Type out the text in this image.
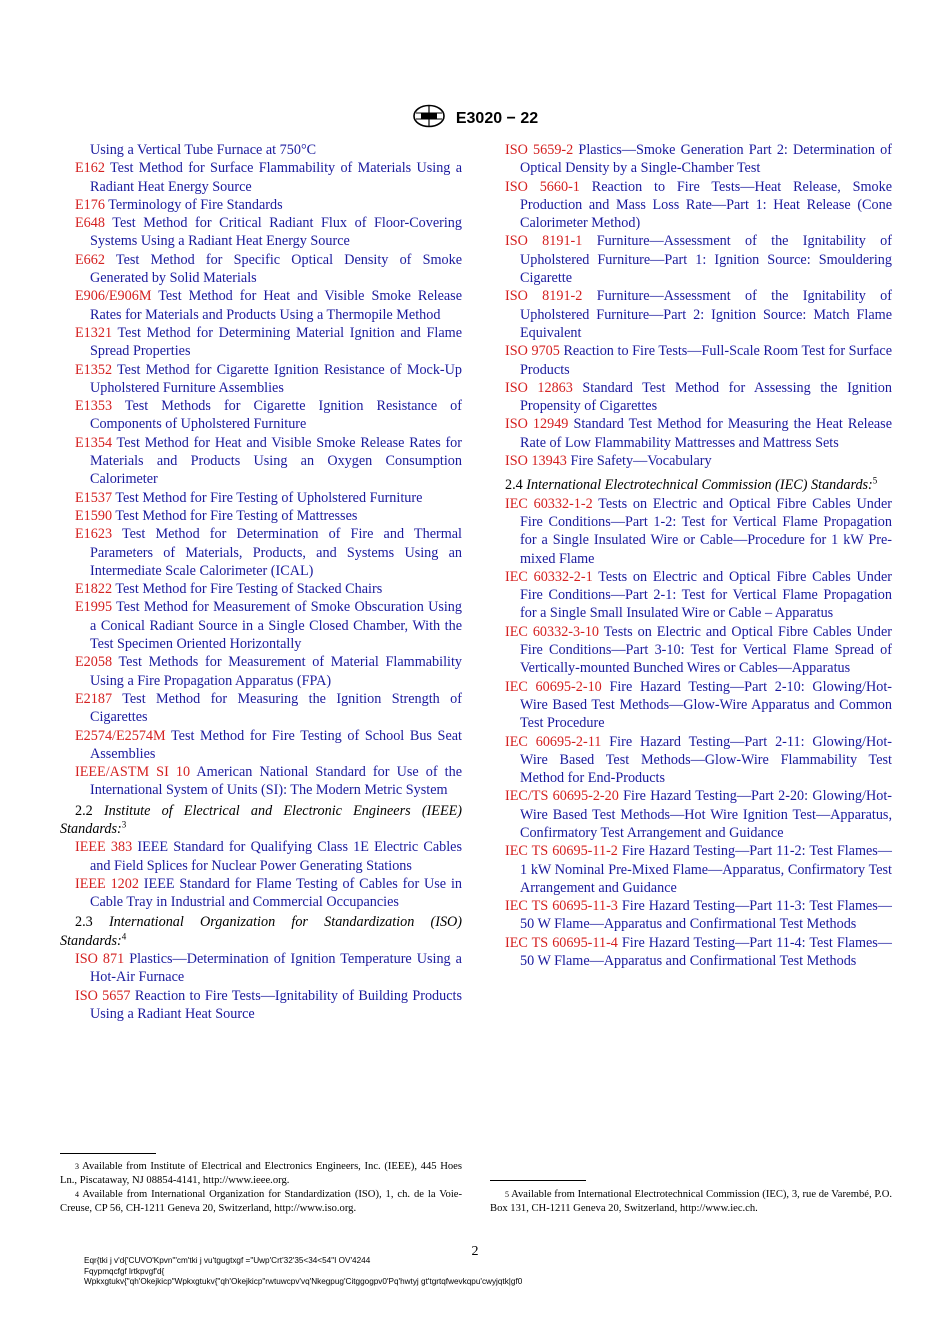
E3020 − 22

Using a Vertical Tube Furnace at 750°C

E162 Test Method for Surface Flammability of Materials Using a Radiant Heat Energy Source

E176 Terminology of Fire Standards

E648 Test Method for Critical Radiant Flux of Floor-Covering Systems Using a Radiant Heat Energy Source

E662 Test Method for Specific Optical Density of Smoke Generated by Solid Materials

E906/E906M Test Method for Heat and Visible Smoke Release Rates for Materials and Products Using a Thermopile Method

E1321 Test Method for Determining Material Ignition and Flame Spread Properties

E1352 Test Method for Cigarette Ignition Resistance of Mock-Up Upholstered Furniture Assemblies

E1353 Test Methods for Cigarette Ignition Resistance of Components of Upholstered Furniture

E1354 Test Method for Heat and Visible Smoke Release Rates for Materials and Products Using an Oxygen Consumption Calorimeter

E1537 Test Method for Fire Testing of Upholstered Furniture

E1590 Test Method for Fire Testing of Mattresses

E1623 Test Method for Determination of Fire and Thermal Parameters of Materials, Products, and Systems Using an Intermediate Scale Calorimeter (ICAL)

E1822 Test Method for Fire Testing of Stacked Chairs

E1995 Test Method for Measurement of Smoke Obscuration Using a Conical Radiant Source in a Single Closed Chamber, With the Test Specimen Oriented Horizontally

E2058 Test Methods for Measurement of Material Flammability Using a Fire Propagation Apparatus (FPA)

E2187 Test Method for Measuring the Ignition Strength of Cigarettes

E2574/E2574M Test Method for Fire Testing of School Bus Seat Assemblies

IEEE/ASTM SI 10 American National Standard for Use of the International System of Units (SI): The Modern Metric System

2.2 Institute of Electrical and Electronic Engineers (IEEE) Standards:$^3$

IEEE 383 IEEE Standard for Qualifying Class 1E Electric Cables and Field Splices for Nuclear Power Generating Stations

IEEE 1202 IEEE Standard for Flame Testing of Cables for Use in Cable Tray in Industrial and Commercial Occupancies

2.3 International Organization for Standardization (ISO) Standards:$^4$

ISO 871 Plastics—Determination of Ignition Temperature Using a Hot-Air Furnace

ISO 5657 Reaction to Fire Tests—Ignitability of Building Products Using a Radiant Heat Source

ISO 5659-2 Plastics—Smoke Generation Part 2: Determination of Optical Density by a Single-Chamber Test

ISO 5660-1 Reaction to Fire Tests—Heat Release, Smoke Production and Mass Loss Rate—Part 1: Heat Release (Cone Calorimeter Method)

ISO 8191-1 Furniture—Assessment of the Ignitability of Upholstered Furniture—Part 1: Ignition Source: Smouldering Cigarette

ISO 8191-2 Furniture—Assessment of the Ignitability of Upholstered Furniture—Part 2: Ignition Source: Match Flame Equivalent

ISO 9705 Reaction to Fire Tests—Full-Scale Room Test for Surface Products

ISO 12863 Standard Test Method for Assessing the Ignition Propensity of Cigarettes

ISO 12949 Standard Test Method for Measuring the Heat Release Rate of Low Flammability Mattresses and Mattress Sets

ISO 13943 Fire Safety—Vocabulary

2.4 International Electrotechnical Commission (IEC) Standards:$^5$

IEC 60332-1-2 Tests on Electric and Optical Fibre Cables Under Fire Conditions—Part 1-2: Test for Vertical Flame Propagation for a Single Insulated Wire or Cable—Procedure for 1 kW Pre-mixed Flame

IEC 60332-2-1 Tests on Electric and Optical Fibre Cables Under Fire Conditions—Part 2-1: Test for Vertical Flame Propagation for a Single Small Insulated Wire or Cable – Apparatus

IEC 60332-3-10 Tests on Electric and Optical Fibre Cables Under Fire Conditions—Part 3-10: Test for Vertical Flame Spread of Vertically-mounted Bunched Wires or Cables—Apparatus

IEC 60695-2-10 Fire Hazard Testing—Part 2-10: Glowing/Hot-Wire Based Test Methods—Glow-Wire Apparatus and Common Test Procedure

IEC 60695-2-11 Fire Hazard Testing—Part 2-11: Glowing/Hot-Wire Based Test Methods—Glow-Wire Flammability Test Method for End-Products

IEC/TS 60695-2-20 Fire Hazard Testing—Part 2-20: Glowing/Hot-Wire Based Test Methods—Hot Wire Ignition Test—Apparatus, Confirmatory Test Arrangement and Guidance

IEC TS 60695-11-2 Fire Hazard Testing—Part 11-2: Test Flames—1 kW Nominal Pre-Mixed Flame—Apparatus, Confirmatory Test Arrangement and Guidance

IEC TS 60695-11-3 Fire Hazard Testing—Part 11-3: Test Flames—50 W Flame—Apparatus and Confirmational Test Methods

IEC TS 60695-11-4 Fire Hazard Testing—Part 11-4: Test Flames—50 W Flame—Apparatus and Confirmational Test Methods

$^3$ Available from Institute of Electrical and Electronics Engineers, Inc. (IEEE), 445 Hoes Ln., Piscataway, NJ 08854-4141, http://www.ieee.org.
$^4$ Available from International Organization for Standardization (ISO), 1, ch. de la Voie-Creuse, CP 56, CH-1211 Geneva 20, Switzerland, http://www.iso.org.
$^5$ Available from International Electrotechnical Commission (IEC), 3, rue de Varembé, P.O. Box 131, CH-1211 Geneva 20, Switzerland, http://www.iec.ch.
2
Eqr{tki j v'd{'CUVO'Kpvn'"cm'tki j vu'tgugtxgf ="Uwp'Crt'32'35<34<54"I OV'4244
Fqypmqcfgf lrtkpvgf'd{
Wpkxgtukv{"qh'Okejkicp"Wpkxgtukv{"qh'Okejkicp"rwtuwcpv'vq'Nkegpug'Citggogpv0'Pq'hwtyj gt'tgrtqfwevkqpu'cwyjqtk|gf0
